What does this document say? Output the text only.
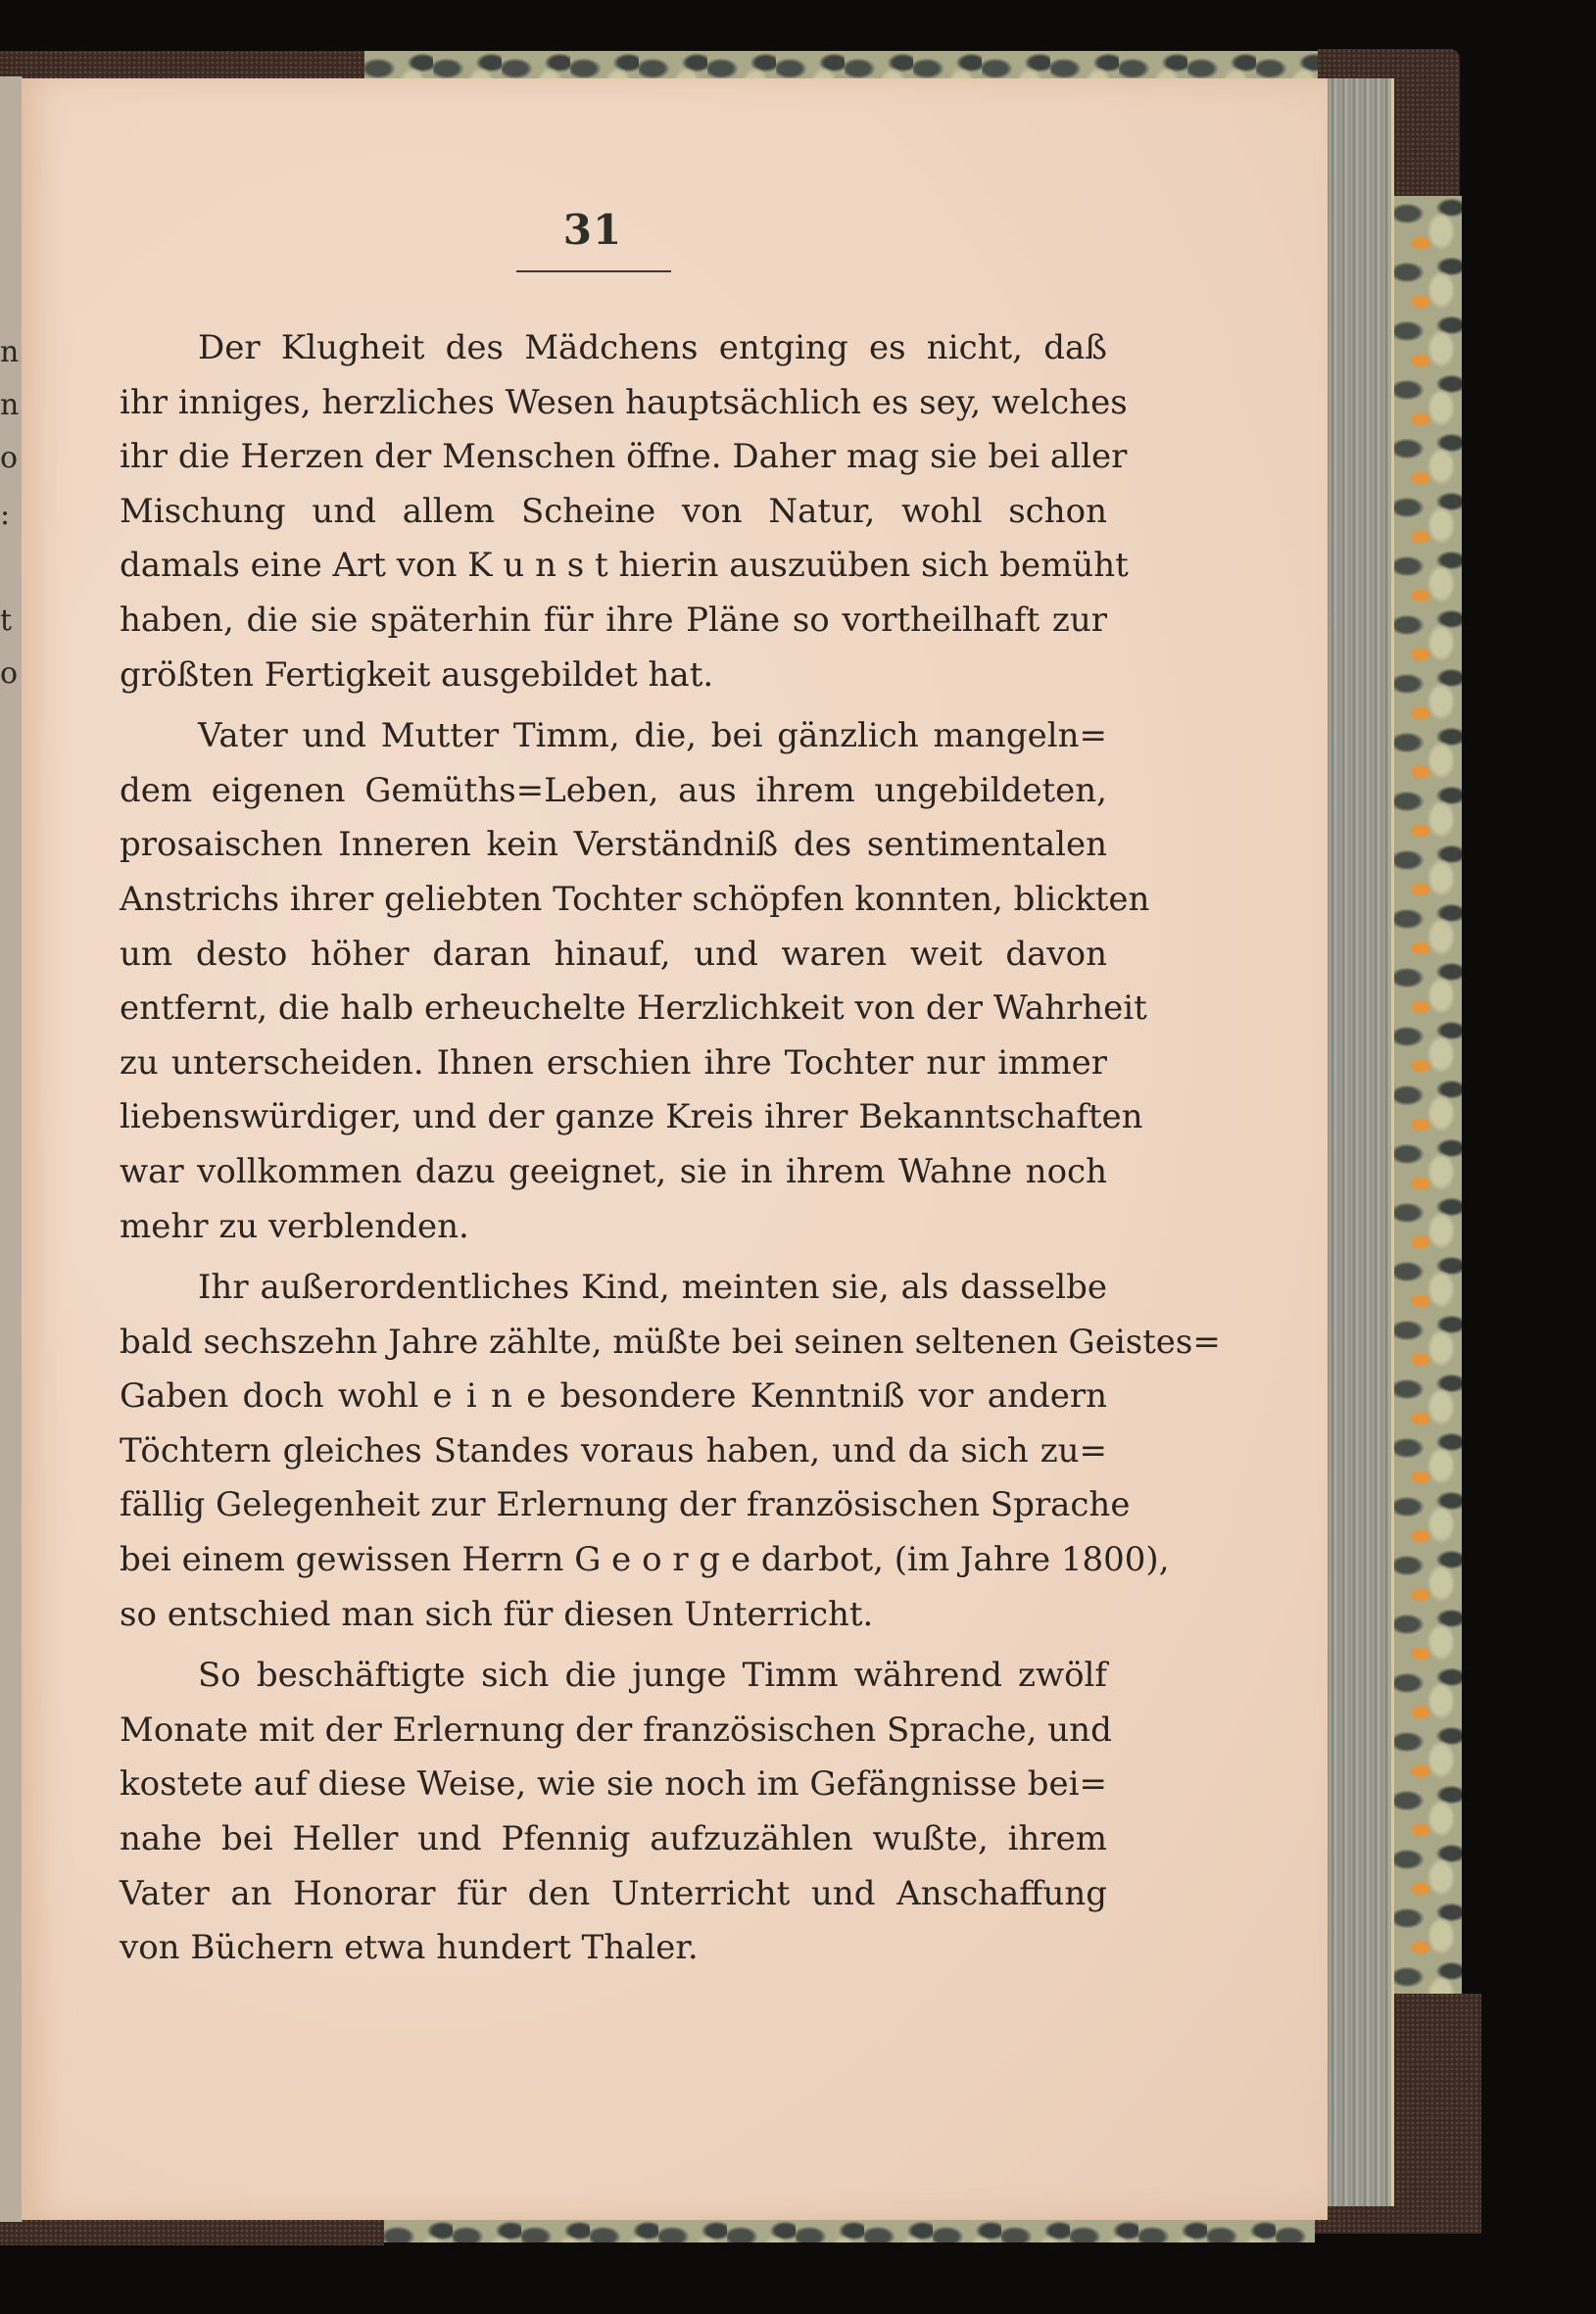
n
n
o
:
t
o
31
Der Klugheit des Mädchens entging es nicht, daß
ihr inniges, herzliches Wesen hauptsächlich es sey, welches
ihr die Herzen der Menschen öffne. Daher mag sie bei aller
Mischung und allem Scheine von Natur, wohl schon
damals eine Art von K u n s t hierin auszuüben sich bemüht
haben, die sie späterhin für ihre Pläne so vortheilhaft zur
größten Fertigkeit ausgebildet hat.
Vater und Mutter Timm, die, bei gänzlich mangeln=
dem eigenen Gemüths=Leben, aus ihrem ungebildeten,
prosaischen Inneren kein Verständniß des sentimentalen
Anstrichs ihrer geliebten Tochter schöpfen konnten, blickten
um desto höher daran hinauf, und waren weit davon
entfernt, die halb erheuchelte Herzlichkeit von der Wahrheit
zu unterscheiden. Ihnen erschien ihre Tochter nur immer
liebenswürdiger, und der ganze Kreis ihrer Bekanntschaften
war vollkommen dazu geeignet, sie in ihrem Wahne noch
mehr zu verblenden.
Ihr außerordentliches Kind, meinten sie, als dasselbe
bald sechszehn Jahre zählte, müßte bei seinen seltenen Geistes=
Gaben doch wohl e i n e besondere Kenntniß vor andern
Töchtern gleiches Standes voraus haben, und da sich zu=
fällig Gelegenheit zur Erlernung der französischen Sprache
bei einem gewissen Herrn G e o r g e darbot, (im Jahre 1800),
so entschied man sich für diesen Unterricht.
So beschäftigte sich die junge Timm während zwölf
Monate mit der Erlernung der französischen Sprache, und
kostete auf diese Weise, wie sie noch im Gefängnisse bei=
nahe bei Heller und Pfennig aufzuzählen wußte, ihrem
Vater an Honorar für den Unterricht und Anschaffung
von Büchern etwa hundert Thaler.
